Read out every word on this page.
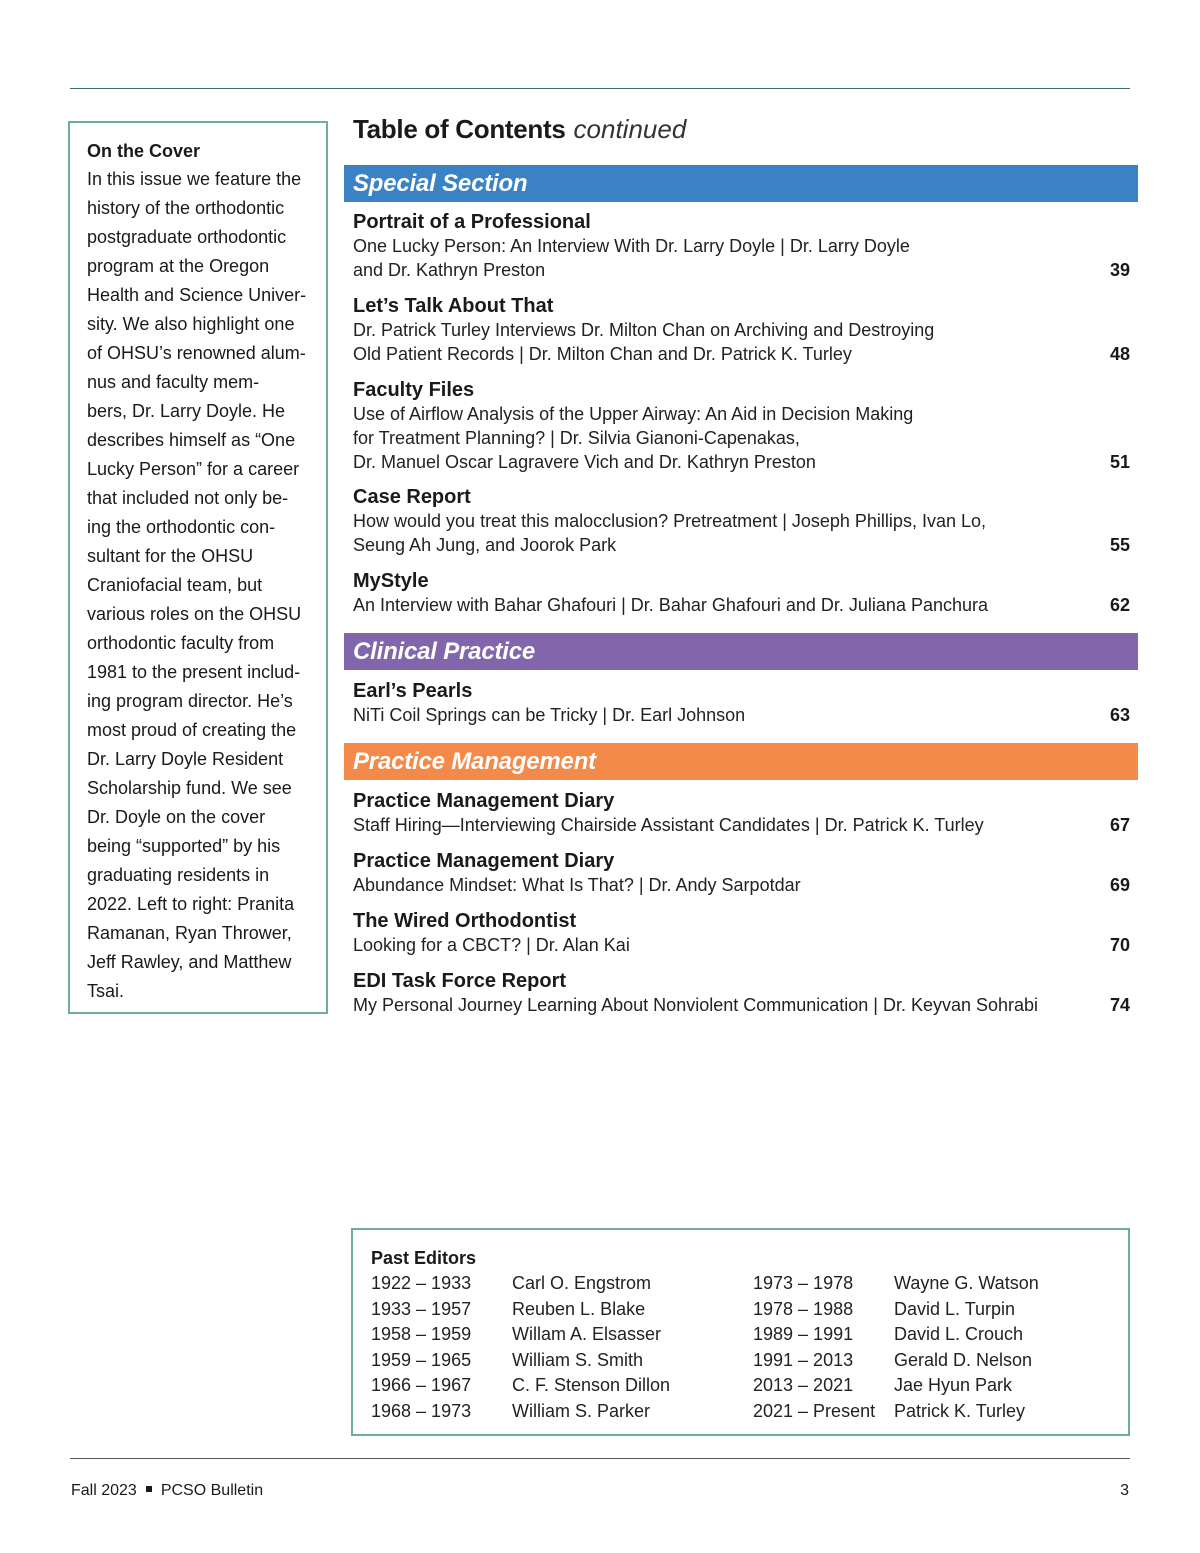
On the Cover
In this issue we feature the
history of the orthodontic
postgraduate orthodontic
program at the Oregon
Health and Science Univer-
sity. We also highlight one
of OHSU’s renowned alum-
nus and faculty mem-
bers, Dr. Larry Doyle. He
describes himself as “One
Lucky Person” for a career
that included not only be-
ing the orthodontic con-
sultant for the OHSU
Craniofacial team, but
various roles on the OHSU
orthodontic faculty from
1981 to the present includ-
ing program director. He’s
most proud of creating the
Dr. Larry Doyle Resident
Scholarship fund. We see
Dr. Doyle on the cover
being “supported” by his
graduating residents in
2022. Left to right: Pranita
Ramanan, Ryan Thrower,
Jeff Rawley, and Matthew
Tsai.
Table of Contents continued
Special Section
Portrait of a Professional
One Lucky Person: An Interview With Dr. Larry Doyle | Dr. Larry Doyle
and Dr. Kathryn Preston	39
Let’s Talk About That
Dr. Patrick Turley Interviews Dr. Milton Chan on Archiving and Destroying
Old Patient Records | Dr. Milton Chan and Dr. Patrick K. Turley	48
Faculty Files
Use of Airflow Analysis of the Upper Airway: An Aid in Decision Making
for Treatment Planning? | Dr. Silvia Gianoni-Capenakas,
Dr. Manuel Oscar Lagravere Vich and Dr. Kathryn Preston	51
Case Report
How would you treat this malocclusion? Pretreatment | Joseph Phillips, Ivan Lo,
Seung Ah Jung, and Joorok Park	55
MyStyle
An Interview with Bahar Ghafouri | Dr. Bahar Ghafouri and Dr. Juliana Panchura	62
Clinical Practice
Earl’s Pearls
NiTi Coil Springs can be Tricky | Dr. Earl Johnson	63
Practice Management
Practice Management Diary
Staff Hiring—Interviewing Chairside Assistant Candidates | Dr. Patrick K. Turley	67
Practice Management Diary
Abundance Mindset: What Is That? | Dr. Andy Sarpotdar	69
The Wired Orthodontist
Looking for a CBCT? | Dr. Alan Kai	70
EDI Task Force Report
My Personal Journey Learning About Nonviolent Communication | Dr. Keyvan Sohrabi	74
Past Editors
1922 – 1933 Carl O. Engstrom	1973 – 1978 Wayne G. Watson
1933 – 1957 Reuben L. Blake	1978 – 1988 David L. Turpin
1958 – 1959 Willam A. Elsasser	1989 – 1991 David L. Crouch
1959 – 1965 William S. Smith	1991 – 2013 Gerald D. Nelson
1966 – 1967 C. F. Stenson Dillon	2013 – 2021 Jae Hyun Park
1968 – 1973 William S. Parker	2021 – Present Patrick K. Turley
Fall 2023 PCSO Bulletin	3
